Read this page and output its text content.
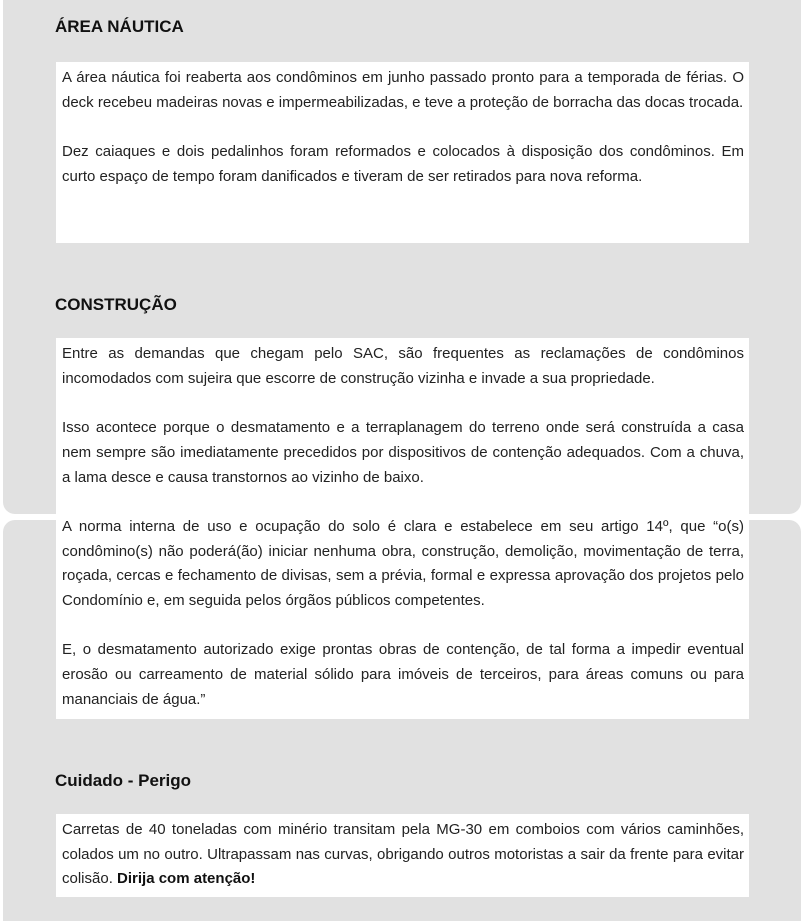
ÁREA NÁUTICA

A área náutica foi reaberta aos condôminos em junho passado pronto para a temporada de férias. O deck recebeu madeiras novas e impermeabilizadas, e teve a proteção de borracha das docas trocada.

Dez caiaques e dois pedalinhos foram reformados e colocados à disposição dos condôminos. Em curto espaço de tempo foram danificados e tiveram de ser retirados para nova reforma.

CONSTRUÇÃO

Entre as demandas que chegam pelo SAC, são frequentes as reclamações de condôminos incomodados com sujeira que escorre de construção vizinha e invade a sua propriedade.

Isso acontece porque o desmatamento e a terraplanagem do terreno onde será construída a casa nem sempre são imediatamente precedidos por dispositivos de contenção adequados. Com a chuva, a lama desce e causa transtornos ao vizinho de baixo.

A norma interna de uso e ocupação do solo é clara e estabelece em seu artigo 14º, que “o(s) condômino(s) não poderá(ão) iniciar nenhuma obra, construção, demolição, movimentação de terra, roçada, cercas e fechamento de divisas, sem a prévia, formal e expressa aprovação dos projetos pelo Condomínio e, em seguida pelos órgãos públicos competentes.

E, o desmatamento autorizado exige prontas obras de contenção, de tal forma a impedir eventual erosão ou carreamento de material sólido para imóveis de terceiros, para áreas comuns ou para mananciais de água.”

Cuidado - Perigo

Carretas de 40 toneladas com minério transitam pela MG-30 em comboios com vários caminhões, colados um no outro. Ultrapassam nas curvas, obrigando outros motoristas a sair da frente para evitar colisão. Dirija com atenção!
